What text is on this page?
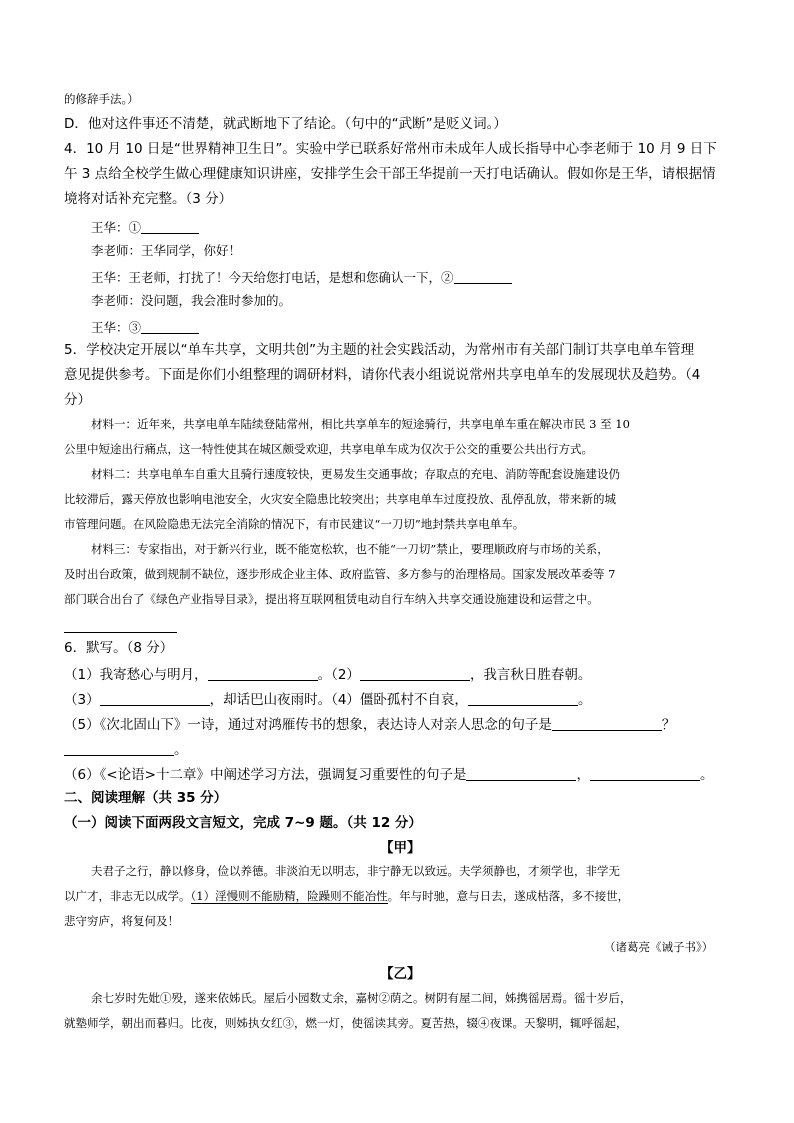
的修辞手法。）
D．他对这件事还不清楚，就武断地下了结论。（句中的“武断”是贬义词。）
4．10 月 10 日是“世界精神卫生日”。实验中学已联系好常州市未成年人成长指导中心李老师于 10 月 9 日下
午 3 点给全校学生做心理健康知识讲座，安排学生会干部王华提前一天打电话确认。假如你是王华，请根据情
境将对话补充完整。（3 分）
王华：①
李老师：王华同学，你好！
王华：王老师，打扰了！今天给您打电话，是想和您确认一下，②
李老师：没问题，我会准时参加的。
王华：③
5．学校决定开展以“单车共享，文明共创”为主题的社会实践活动，为常州市有关部门制订共享电单车管理
意见提供参考。下面是你们小组整理的调研材料，请你代表小组说说常州共享电单车的发展现状及趋势。（4
分）
材料一：近年来，共享电单车陆续登陆常州，相比共享单车的短途骑行，共享电单车重在解决市民 3 至 10
公里中短途出行痛点，这一特性使其在城区颇受欢迎，共享电单车成为仅次于公交的重要公共出行方式。
材料二：共享电单车自重大且骑行速度较快，更易发生交通事故；存取点的充电、消防等配套设施建设仍
比较滞后，露天停放也影响电池安全，火灾安全隐患比较突出；共享电单车过度投放、乱停乱放，带来新的城
市管理问题。在风险隐患无法完全消除的情况下，有市民建议“一刀切”地封禁共享电单车。
材料三：专家指出，对于新兴行业，既不能宽松软，也不能“一刀切”禁止，要理顺政府与市场的关系，
及时出台政策，做到规制不缺位，逐步形成企业主体、政府监管、多方参与的治理格局。国家发展改革委等 7
部门联合出台了《绿色产业指导目录》，提出将互联网租赁电动自行车纳入共享交通设施建设和运营之中。
6．默写。（8 分）
（1）我寄愁心与明月，	。（2）	，我言秋日胜春朝。
（3）	，却话巴山夜雨时。（4）僵卧孤村不自哀，	。
（5）《次北固山下》一诗，通过对鸿雁传书的想象，表达诗人对亲人思念的句子是	？
。
（6）《<论语>十二章》中阐述学习方法，强调复习重要性的句子是	，	。
二、阅读理解（共 35 分）
（一）阅读下面两段文言短文，完成 7~9 题。（共 12 分）
【甲】
夫君子之行，静以修身，俭以养德。非淡泊无以明志，非宁静无以致远。夫学须静也，才须学也，非学无
以广才，非志无以成学。（1）淫慢则不能励精，险躁则不能冶性。年与时驰，意与日去，遂成枯落，多不接世，
悲守穷庐，将复何及！
（诸葛亮《诫子书》）
【乙】
余七岁时先妣①殁，遂来依姊氏。屋后小园数丈余，嘉树②荫之。树阴有屋二间，姊携徭居焉。徭十岁后，
就塾师学，朝出而暮归。比夜，则姊执女红③，燃一灯，使徭读其旁。夏苦热，辍④夜课。天黎明，辄呼徭起，
